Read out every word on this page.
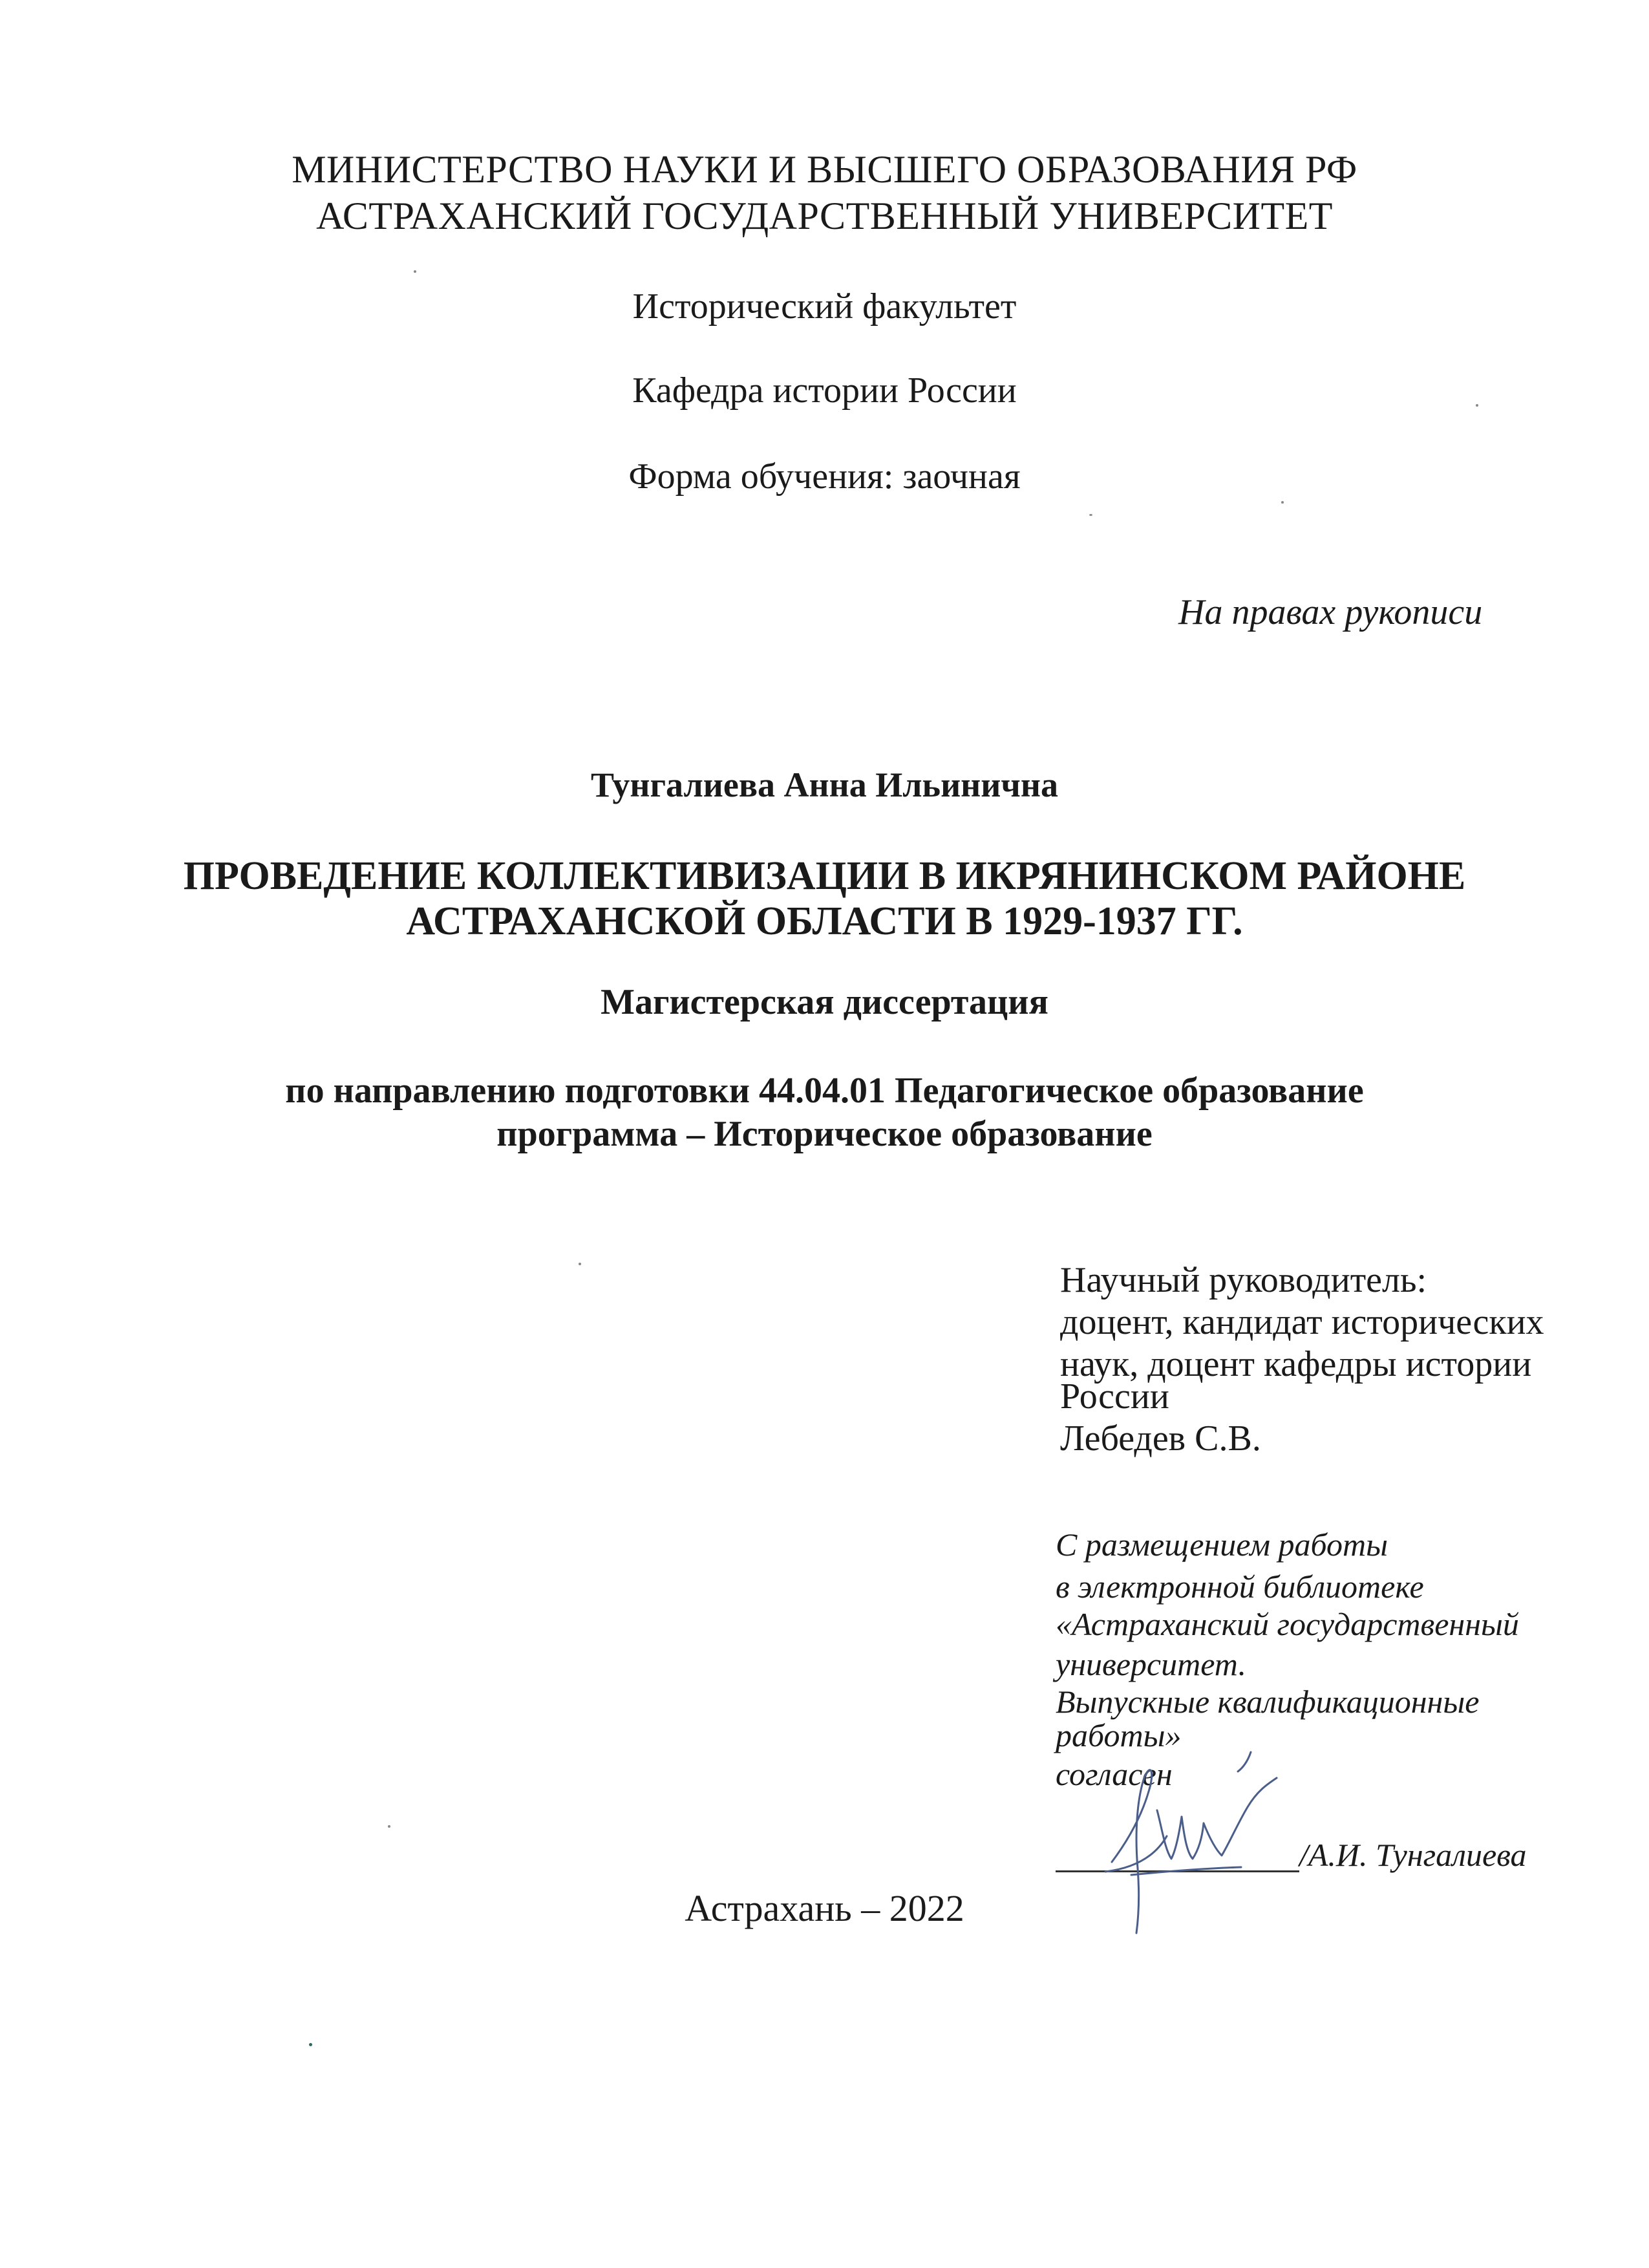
МИНИСТЕРСТВО НАУКИ И ВЫСШЕГО ОБРАЗОВАНИЯ РФ
АСТРАХАНСКИЙ ГОСУДАРСТВЕННЫЙ УНИВЕРСИТЕТ
Исторический факультет
Кафедра истории России
Форма обучения: заочная
На правах рукописи
Тунгалиева Анна Ильинична
ПРОВЕДЕНИЕ КОЛЛЕКТИВИЗАЦИИ В ИКРЯНИНСКОМ РАЙОНЕ
АСТРАХАНСКОЙ ОБЛАСТИ В 1929-1937 ГГ.
Магистерская диссертация
по направлению подготовки 44.04.01 Педагогическое образование
программа – Историческое образование
Научный руководитель:
доцент, кандидат исторических
наук, доцент кафедры истории
России
Лебедев С.В.
С размещением работы
в электронной библиотеке
«Астраханский государственный
университет.
Выпускные квалификационные
работы»
согласен
/А.И. Тунгалиева
Астрахань – 2022
